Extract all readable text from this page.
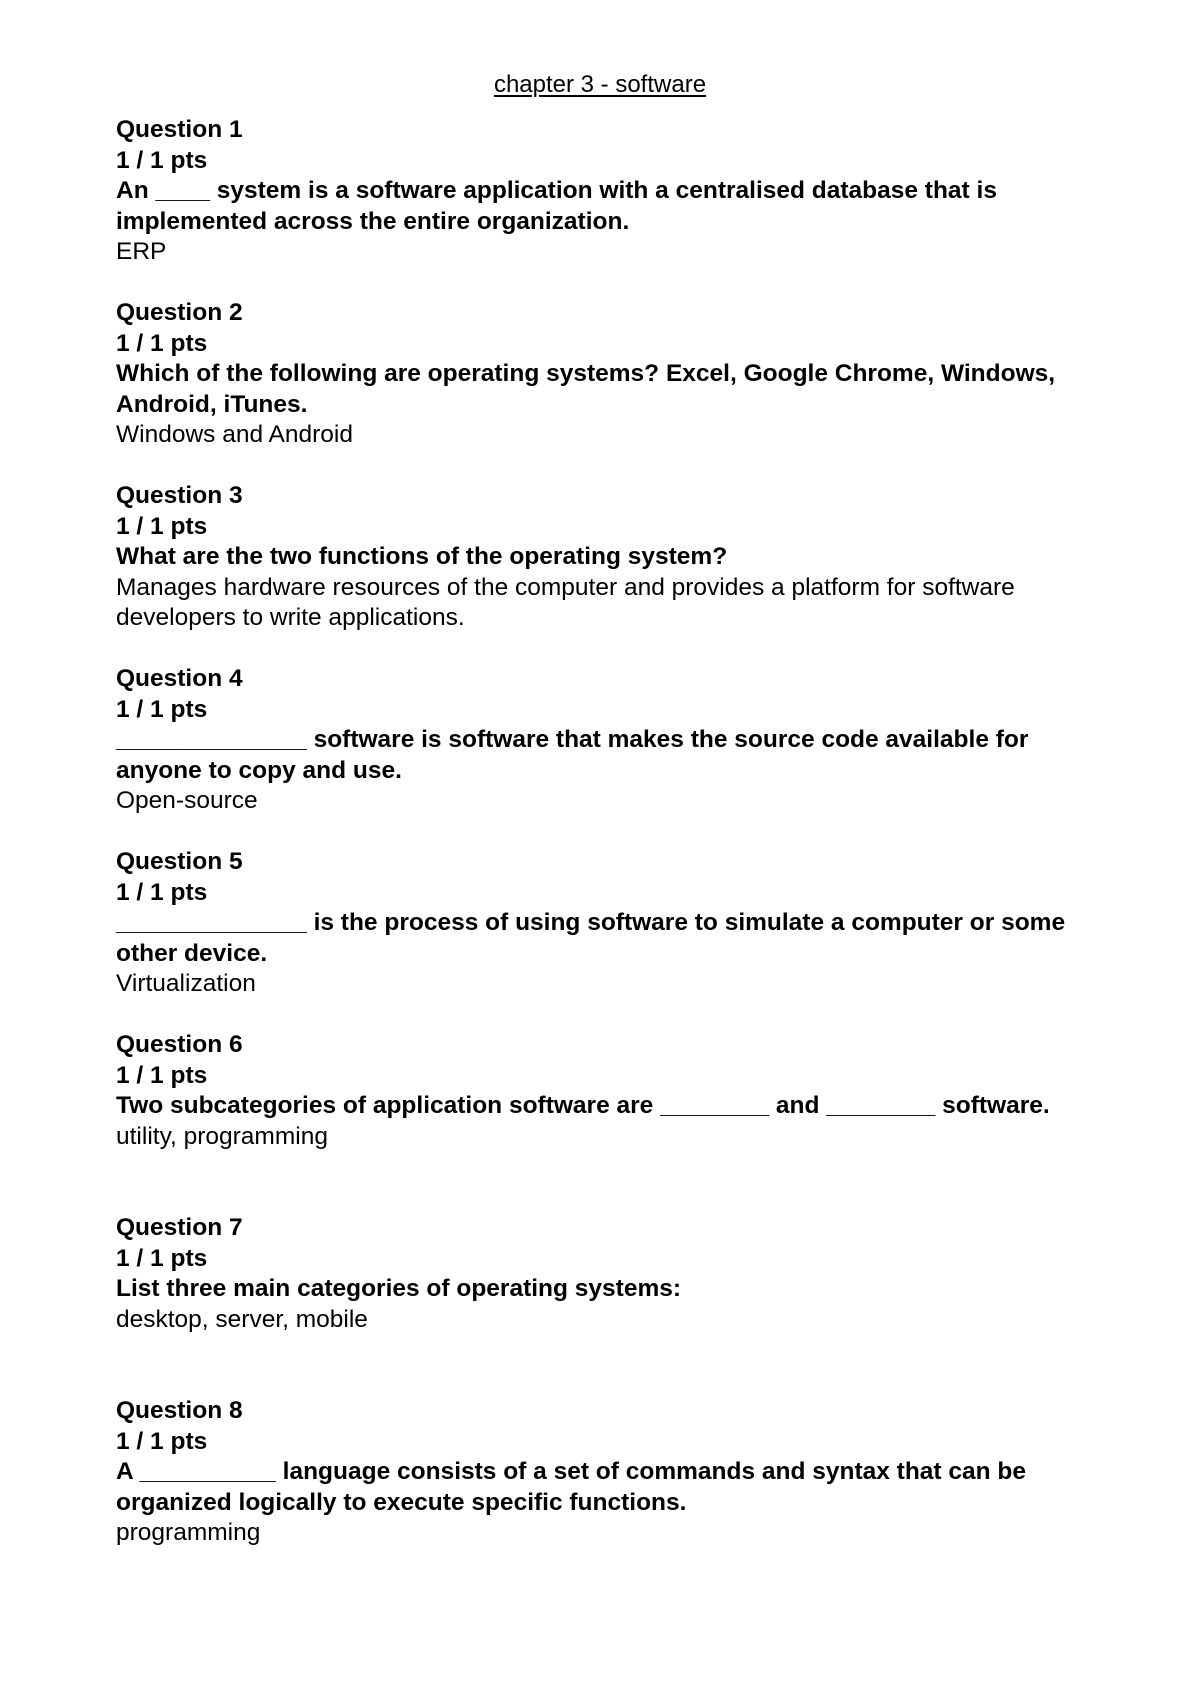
chapter 3 - software
Question 1
1 / 1 pts
An ____ system is a software application with a centralised database that is implemented across the entire organization.
ERP
Question 2
1 / 1 pts
Which of the following are operating systems? Excel, Google Chrome, Windows, Android, iTunes.
Windows and Android
Question 3
1 / 1 pts
What are the two functions of the operating system?
Manages hardware resources of the computer and provides a platform for software developers to write applications.
Question 4
1 / 1 pts
______________ software is software that makes the source code available for anyone to copy and use.
Open-source
Question 5
1 / 1 pts
______________ is the process of using software to simulate a computer or some other device.
Virtualization
Question 6
1 / 1 pts
Two subcategories of application software are ________ and ________ software.
utility, programming
Question 7
1 / 1 pts
List three main categories of operating systems:
desktop, server, mobile
Question 8
1 / 1 pts
A __________ language consists of a set of commands and syntax that can be organized logically to execute specific functions.
programming
